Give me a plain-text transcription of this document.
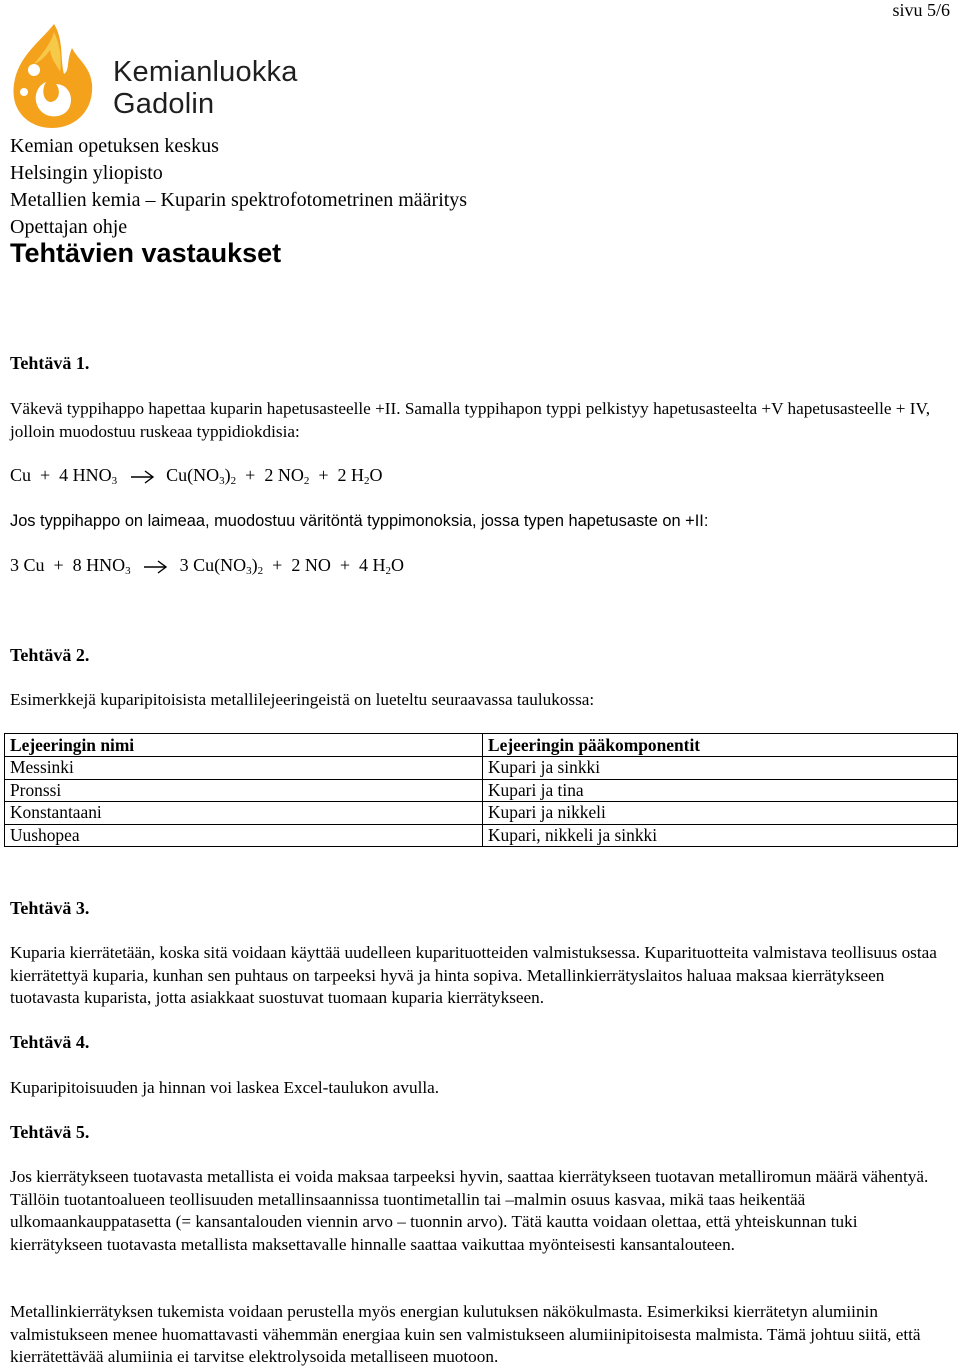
sivu 5/6
Kemianluokka
Gadolin
Kemian opetuksen keskus
Helsingin yliopisto
Metallien kemia – Kuparin spektrofotometrinen määritys
Opettajan ohje
Tehtävien vastaukset
Tehtävä 1.
Väkevä typpihappo hapettaa kuparin hapetusasteelle +II. Samalla typpihapon typpi pelkistyy hapetusasteelta +V hapetusasteelle + IV, jolloin muodostuu ruskeaa typpidiokdisia:
Cu + 4 $HNO_3 \to Cu(NO_3)_2 + 2$ $NO_2 + 2$ $H_2O$
Jos typpihappo on laimeaa, muodostuu väritöntä typpimonoksia, jossa typen hapetusaste on +II:
3 Cu + 8 $HNO_3 \to 3$ $Cu(NO_3)_2 + 2$ NO + 4 $H_2O$
Tehtävä 2.
Esimerkkejä kuparipitoisista metallilejeeringeistä on lueteltu seuraavassa taulukossa:
Lejeeringin nimi	Lejeeringin pääkomponentit
Messinki	Kupari ja sinkki
Pronssi	Kupari ja tina
Konstantaani	Kupari ja nikkeli
Uushopea	Kupari, nikkeli ja sinkki
Tehtävä 3.
Kuparia kierrätetään, koska sitä voidaan käyttää uudelleen kuparituotteiden valmistuksessa. Kuparituotteita valmistava teollisuus ostaa kierrätettyä kuparia, kunhan sen puhtaus on tarpeeksi hyvä ja hinta sopiva. Metallinkierrätyslaitos haluaa maksaa kierrätykseen tuotavasta kuparista, jotta asiakkaat suostuvat tuomaan kuparia kierrätykseen.
Tehtävä 4.
Kuparipitoisuuden ja hinnan voi laskea Excel-taulukon avulla.
Tehtävä 5.
Jos kierrätykseen tuotavasta metallista ei voida maksaa tarpeeksi hyvin, saattaa kierrätykseen tuotavan metalliromun määrä vähentyä. Tällöin tuotantoalueen teollisuuden metallinsaannissa tuontimetallin tai –malmin osuus kasvaa, mikä taas heikentää ulkomaankauppatasetta (= kansantalouden viennin arvo – tuonnin arvo). Tätä kautta voidaan olettaa, että yhteiskunnan tuki kierrätykseen tuotavasta metallista maksettavalle hinnalle saattaa vaikuttaa myönteisesti kansantalouteen.
Metallinkierrätyksen tukemista voidaan perustella myös energian kulutuksen näkökulmasta. Esimerkiksi kierrätetyn alumiinin valmistukseen menee huomattavasti vähemmän energiaa kuin sen valmistukseen alumiinipitoisesta malmista. Tämä johtuu siitä, että kierrätettävää alumiinia ei tarvitse elektrolysoida metalliseen muotoon.
